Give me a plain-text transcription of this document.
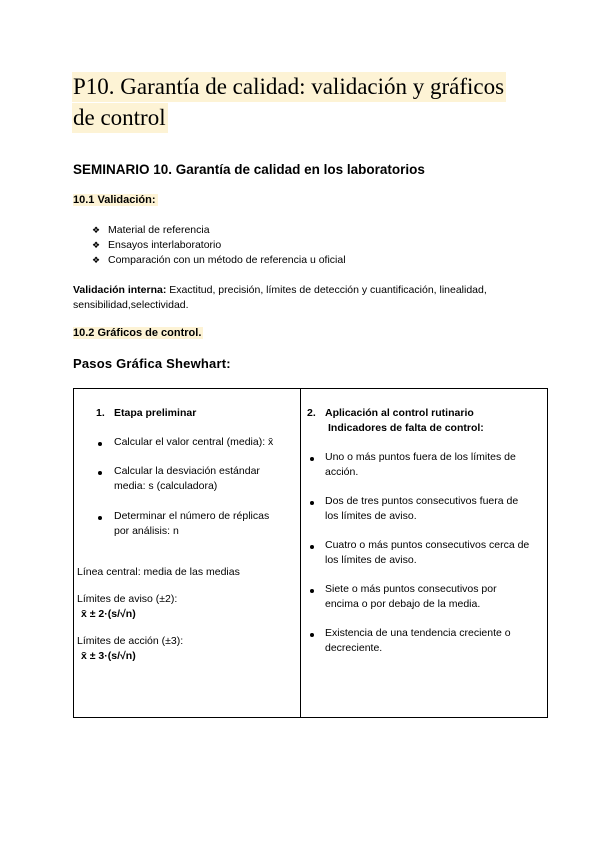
P10. Garantía de calidad: validación y gráficos
de control
SEMINARIO 10. Garantía de calidad en los laboratorios
10.1 Validación:
❖ Material de referencia
❖ Ensayos interlaboratorio
❖ Comparación con un método de referencia u oficial
Validación interna: Exactitud, precisión, límites de detección y cuantificación, linealidad,
sensibilidad,selectividad.
10.2 Gráficos de control.
Pasos Gráfica Shewhart:
1. Etapa preliminar
Calcular el valor central (media): x̄
Calcular la desviación estándar
media: s (calculadora)
Determinar el número de réplicas
por análisis: n
Línea central: media de las medias
Límites de aviso (±2):
x̄ ± 2·(s/√n)
Límites de acción (±3):
x̄ ± 3·(s/√n)
2. Aplicación al control rutinario
Indicadores de falta de control:
Uno o más puntos fuera de los límites de
acción.
Dos de tres puntos consecutivos fuera de
los límites de aviso.
Cuatro o más puntos consecutivos cerca de
los límites de aviso.
Siete o más puntos consecutivos por
encima o por debajo de la media.
Existencia de una tendencia creciente o
decreciente.
